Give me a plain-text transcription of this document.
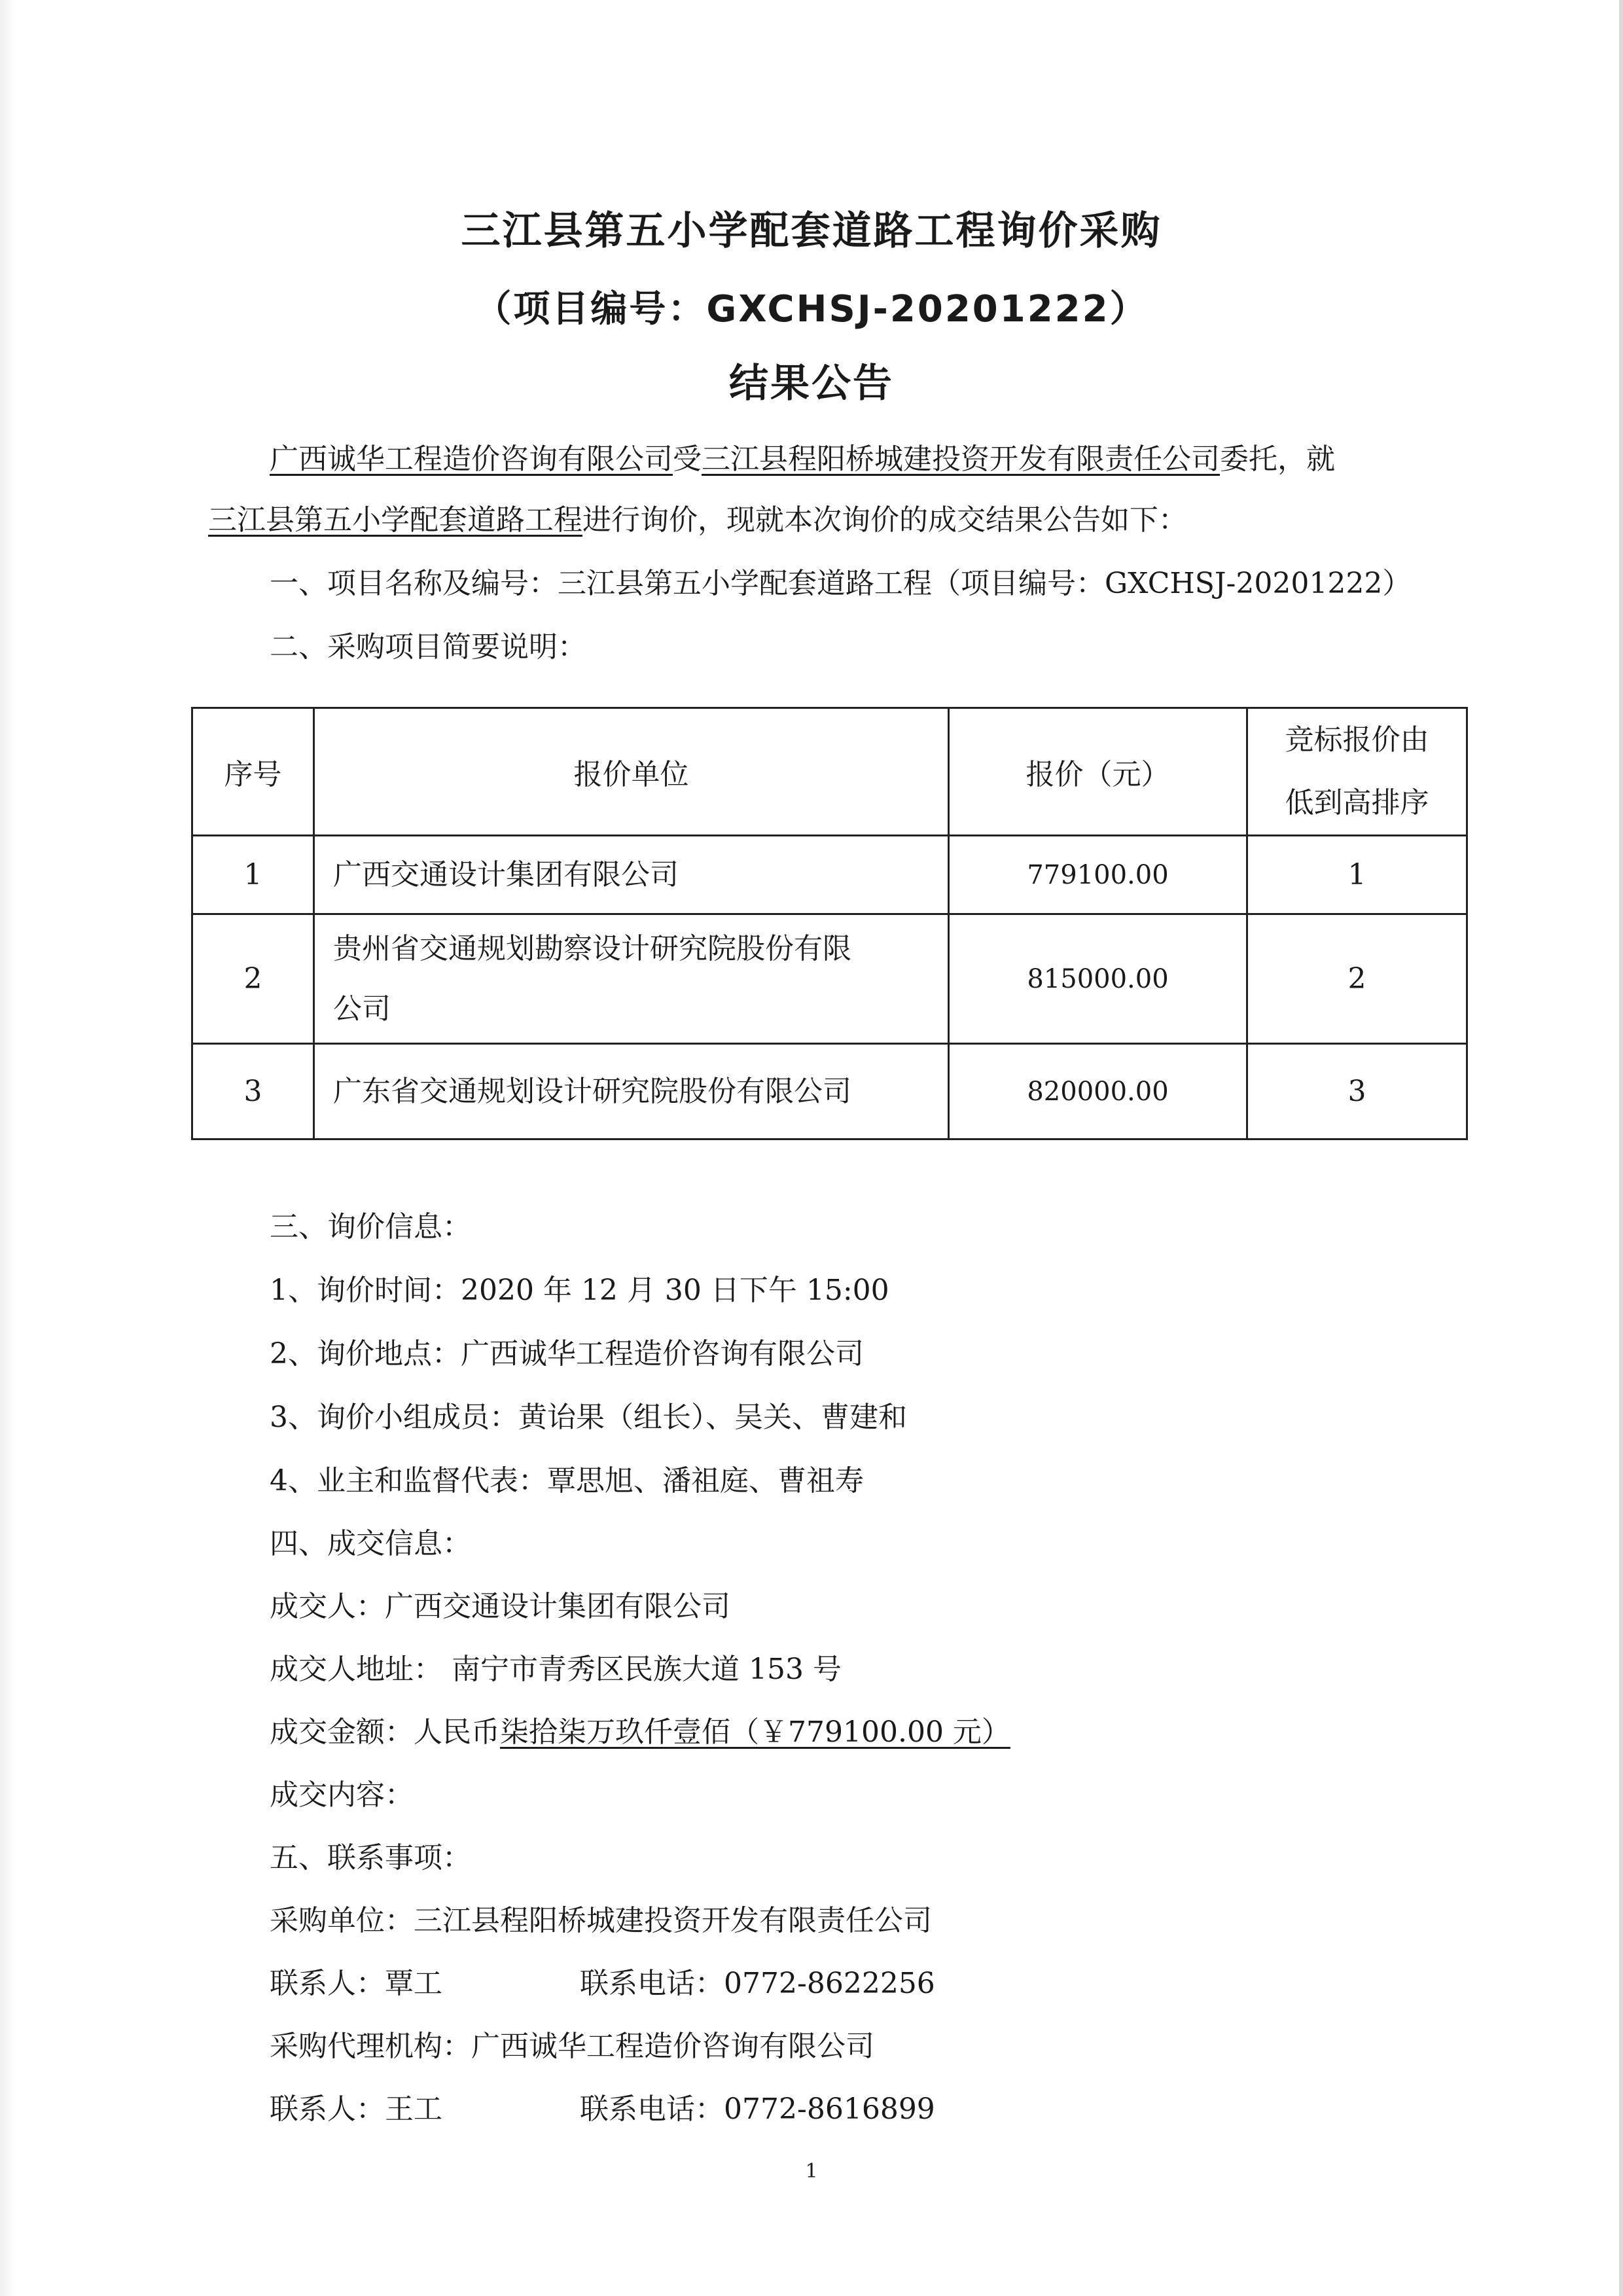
三江县第五小学配套道路工程询价采购
（项目编号：GXCHSJ-20201222）
结果公告
广西诚华工程造价咨询有限公司受三江县程阳桥城建投资开发有限责任公司委托，就
三江县第五小学配套道路工程进行询价，现就本次询价的成交结果公告如下：
一、项目名称及编号：三江县第五小学配套道路工程（项目编号：GXCHSJ-20201222）
二、采购项目简要说明：
序号	报价单位	报价（元）	竞标报价由
低到高排序

1	广西交通设计集团有限公司	779100.00	1
2	贵州省交通规划勘察设计研究院股份有限
公司	815000.00	2
3	广东省交通规划设计研究院股份有限公司	820000.00	3
三、询价信息：
1、询价时间：2020 年 12 月 30 日下午 15:00
2、询价地点：广西诚华工程造价咨询有限公司
3、询价小组成员：黄诒果（组长）、吴关、曹建和
4、业主和监督代表：覃思旭、潘祖庭、曹祖寿
四、成交信息：
成交人：广西交通设计集团有限公司
成交人地址： 南宁市青秀区民族大道 153 号
成交金额：人民币柒拾柒万玖仟壹佰（￥779100.00 元）
成交内容：
五、联系事项：
采购单位：三江县程阳桥城建投资开发有限责任公司
联系人：覃工	联系电话：0772-8622256
采购代理机构：广西诚华工程造价咨询有限公司
联系人：王工	联系电话：0772-8616899
1
